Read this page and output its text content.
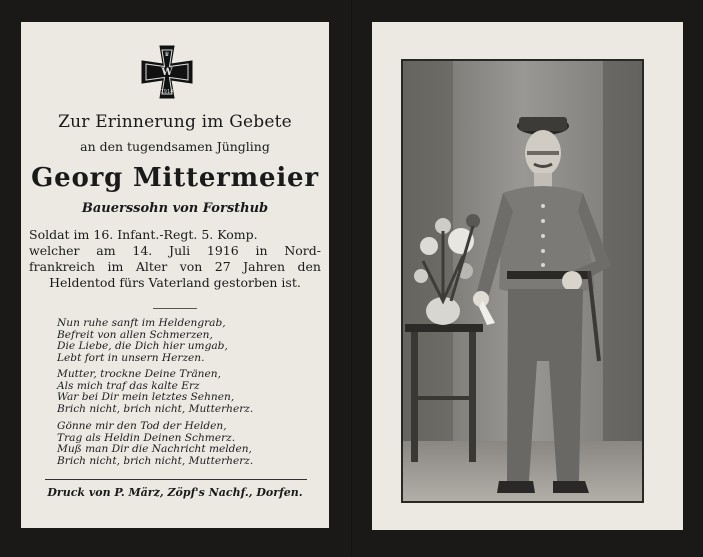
♛
W
1914
Zur Erinnerung im Gebete
an den tugendsamen Jüngling
Georg Mittermeier
Bauerssohn von Forsthub
Soldat im 16. Infant.-Regt. 5. Komp.
welcher am 14. Juli 1916 in Nord-
frankreich im Alter von 27 Jahren den
Heldentod fürs Vaterland gestorben ist.
Nun ruhe sanft im Heldengrab,
Befreit von allen Schmerzen,
Die Liebe, die Dich hier umgab,
Lebt fort in unsern Herzen.
Mutter, trockne Deine Tränen,
Als mich traf das kalte Erz
War bei Dir mein letztes Sehnen,
Brich nicht, brich nicht, Mutterherz.
Gönne mir den Tod der Helden,
Trag als Heldin Deinen Schmerz.
Muß man Dir die Nachricht melden,
Brich nicht, brich nicht, Mutterherz.
Druck von P. März, Zöpf's Nachf., Dorfen.
